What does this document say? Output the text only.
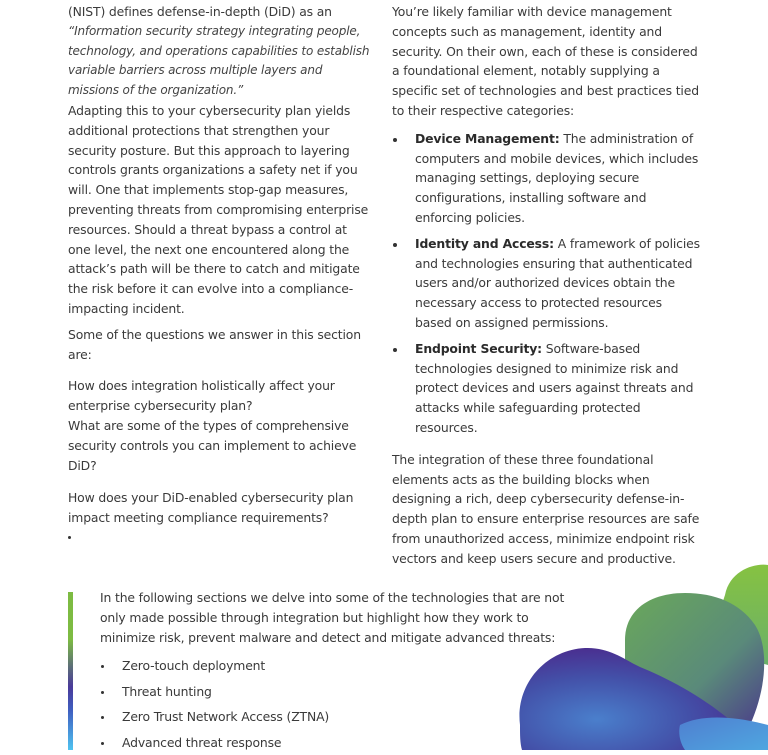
(NIST) defines defense-in-depth (DiD) as an

“Information security strategy integrating people, technology, and operations capabilities to establish variable barriers across multiple layers and missions of the organization.”

Adapting this to your cybersecurity plan yields additional protections that strengthen your security posture. But this approach to layering controls grants organizations a safety net if you will. One that implements stop-gap measures, preventing threats from compromising enterprise resources. Should a threat bypass a control at one level, the next one encountered along the attack’s path will be there to catch and mitigate the risk before it can evolve into a compliance-impacting incident.

Some of the questions we answer in this section are:

How does integration holistically affect your enterprise cybersecurity plan?

What are some of the types of comprehensive security controls you can implement to achieve DiD?

How does your DiD-enabled cybersecurity plan impact meeting compliance requirements?

You’re likely familiar with device management concepts such as management, identity and security. On their own, each of these is considered a foundational element, notably supplying a specific set of technologies and best practices tied to their respective categories:

Device Management: The administration of computers and mobile devices, which includes managing settings, deploying secure configurations, installing software and enforcing policies.
Identity and Access: A framework of policies and technologies ensuring that authenticated users and/or authorized devices obtain the necessary access to protected resources based on assigned permissions.
Endpoint Security: Software-based technologies designed to minimize risk and protect devices and users against threats and attacks while safeguarding protected resources.

The integration of these three foundational elements acts as the building blocks when designing a rich, deep cybersecurity defense-in-depth plan to ensure enterprise resources are safe from unauthorized access, minimize endpoint risk vectors and keep users secure and productive.

In the following sections we delve into some of the technologies that are not only made possible through integration but highlight how they work to minimize risk, prevent malware and detect and mitigate advanced threats:

Zero-touch deployment
Threat hunting
Zero Trust Network Access (ZTNA)
Advanced threat response
